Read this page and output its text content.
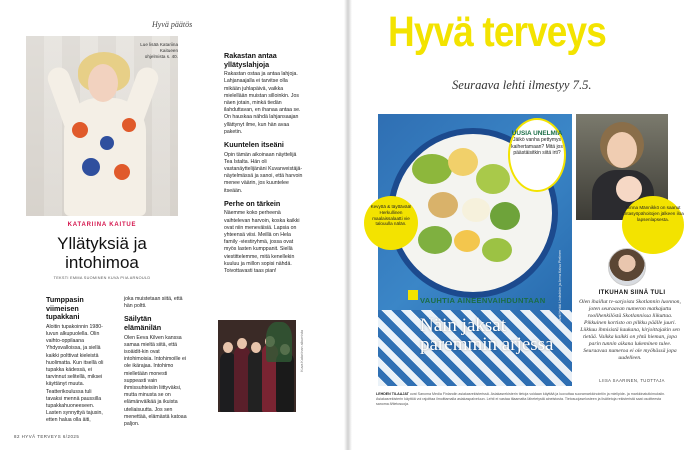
Hyvä päätös
Lue lisää Katariina Kaitueen ohjelmista s. 40.
KATARIINA KAITUE
Yllätyksiä ja intohimoa
TEKSTI EMMA SUOMINEN KUVA PIIA ARNOULD
Tumppasin viimeisen tupakkani

Aloitin tupakoinnin 1980-luvun alkupuolella. Olin vaihto-oppilaana Yhdysvalloissa, ja siellä kaikki polttivat kieleistä huolimatta. Kun itsellä oli tupakka kädessä, ei tarvinnut selitellä, miksei käyttänyt muuta. Teatterikoulussa tuli tavaksi mennä paussilla tupakkahuoneeseen. Lasten synnyttyä tajusin, etten halua olla äiti,

joka muistetaan siitä, että hän poltti.

Säilytän elämänilän

Olen Eeva Kilven kanssa samaa mieltä siitä, että isoäidit-kin ovat intohimoisia. Intohimoille ei ole ikärajaa. Intohimo mielletään monesti suppeasti vain ihmissuhteisiin liittyväksi, mutta minusta se on elämänvälkää ja ikuista uteliaisuutta. Jos sen menettää, elämästä katoaa paljon.

Rakastan antaa yllätyslahjoja

Rakastan ostaa ja antaa lahjoja. Lahjanaajalla ei tarvitse olla mikään juhlapäivä, vaikka mielellään muistan silloinkin. Jos näen jotain, minkä tiedän ilahduttavan, en ihanaa antaa se. On hauskaa nähdä lahjansaajan yllättynyt ilme, kun hän avaa paketin.

Kuuntelen itseäni

Opin tämän aikoinaan näyttelijä Tea Istalta. Hän oli vastanäyttelijänäni Kuvanveistäjä-näytelmässä ja sanoi, että harvoin menee väärin, jos kuuntelee itseään.

Perhe on tärkein

Näemme koko perheenä vaihtelevan harvoin, koska kaikki ovat niin meneväisiä. Lapsia on yhteensä viisi. Meillä on Hela family -viestiryhmä, jossa ovat myös lasten kumppanit. Siellä viestittelemme, mitä kenellekin kuuluu ja millon sopisi nähdä. Toivottavasti taas pian!

Kuva Katariinan albumista
82 HYVÄ TERVEYS 6/2025
Hyvä terveys
Seuraava lehti ilmestyy 7.5.
Kuvat Heikki Lindström ja Anna Kaisu Pietinen
UUSIA UNELMIA
Jäikö vanha pettymys kaihertamaan? Mitä jos päästäisitkin siitä irti?
Kevyttä & täyttävää! Herkullinen maalaissalaatti vie talouulla nälän.
VAUHTIA AINEENVAIHDUNTAAN
Näin jaksat paremmin arjessa
Minna Männikkö on saanut rintasyöpähoitojen jälkeen iloa lapsenlapsesta.
ITKUHAN SIINÄ TULI
Olen ihaillut tv-sarjoista Skotlannin luonnon, joten seuraavan numeron matkajuttu roolihenkilöstä Skotlannissa liikuttaa. Pikkuinen kortisto on pilkku päälle juuri. Liikkuu ihmisistä kaukana, kirjoittajakin sen tietää. Vaikka kaikki on yhtä hieman, jopa parin tunnin aikana lukeminen tulee. Seuraavaa numeroa ei ole myöhässä jopa uudelleen.
LIISA SAARINEN, TUOTTAJA
LEHDEN TILAAJAT ovat Sanoma Media Finlandin asiakasrekisterissä. Asiakasrekisterin tietoja voidaan käyttää ja luovuttaa suoramarkkinointiin ja mielipide- ja markkinatutkimuksiin. Asiakasrekisterin käyttöä voi rajoittaa ilmoittamalla asiakaspalveluun. Lehti ei vastaa tilaamatta lähetetystä aineistosta. Tietosuojaselosteen ja lisätietoja rekisteristä saat osoitteesta sanoma.fi/tietosuoja.
